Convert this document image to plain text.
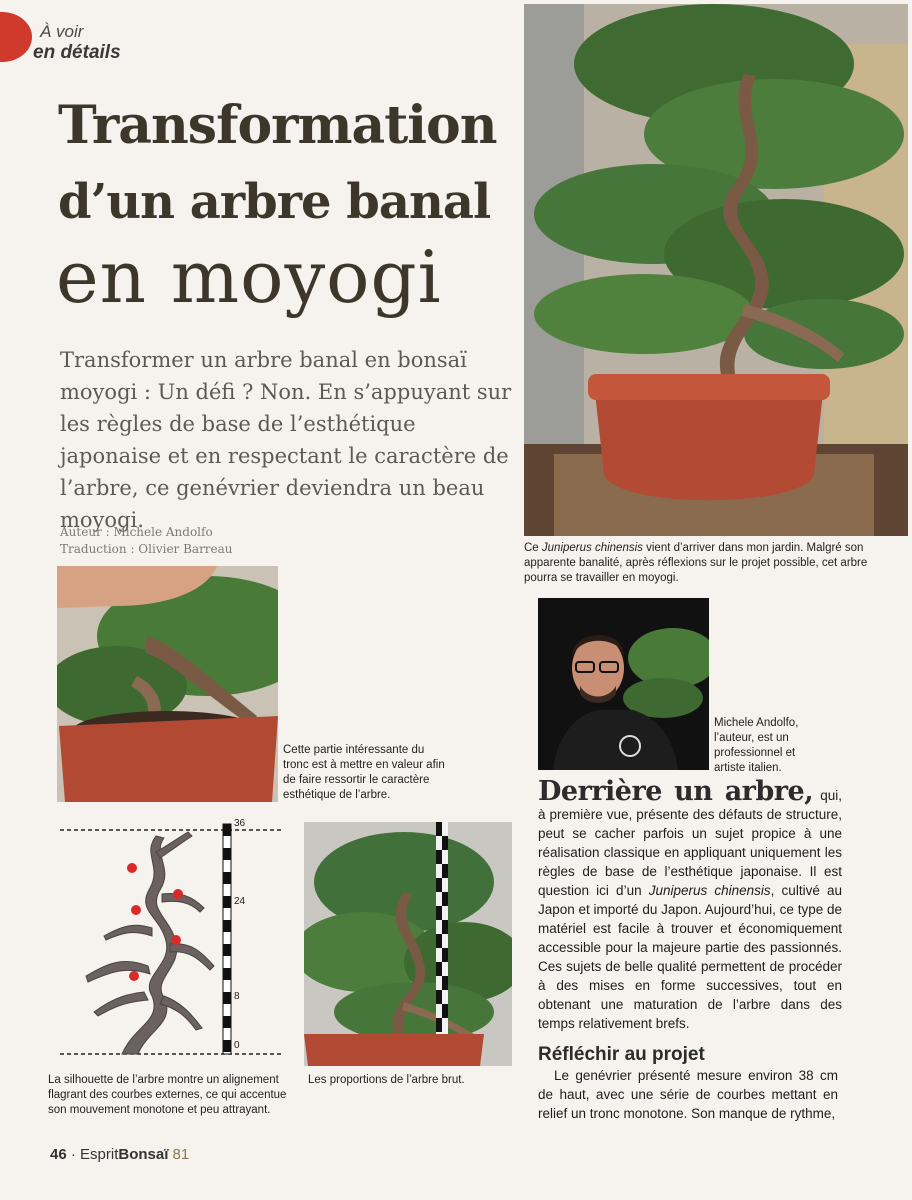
À voir
en détails
Transformation
d’un arbre banal
en moyogi
Transformer un arbre banal en bonsaï moyogi : Un défi ? Non. En s’appuyant sur les règles de base de l’esthétique japonaise et en respectant le caractère de l’arbre, ce genévrier deviendra un beau moyogi.
Auteur : Michele Andolfo
Traduction : Olivier Barreau	Ce Juniperus chinensis vient d’arriver dans mon jardin. Malgré son apparente banalité, après réflexions sur le projet possible, cet arbre pourra se travailler en moyogi.
Cette partie intéressante du tronc est à mettre en valeur afin de faire ressortir le caractère esthétique de l’arbre.
Michele Andolfo, l’auteur, est un professionnel et artiste italien.
36
24
8
0
La silhouette de l’arbre montre un alignement flagrant des courbes externes, ce qui accentue son mouvement monotone et peu attrayant.
Les proportions de l’arbre brut.
Derrière un arbre, qui, à première vue, présente des défauts de structure, peut se cacher parfois un sujet propice à une réalisation classique en appliquant uniquement les règles de base de l’esthétique japonaise. Il est question ici d’un Juniperus chinensis, cultivé au Japon et importé du Japon. Aujourd’hui, ce type de matériel est facile à trouver et économiquement accessible pour la majeure partie des passionnés. Ces sujets de belle qualité permettent de procéder à des mises en forme successives, tout en obtenant une maturation de l’arbre dans des temps relativement brefs.
Réfléchir au projet
Le genévrier présenté mesure environ 38 cm de haut, avec une série de courbes mettant en relief un tronc monotone. Son manque de rythme,
46 · EspritBonsaï 81
